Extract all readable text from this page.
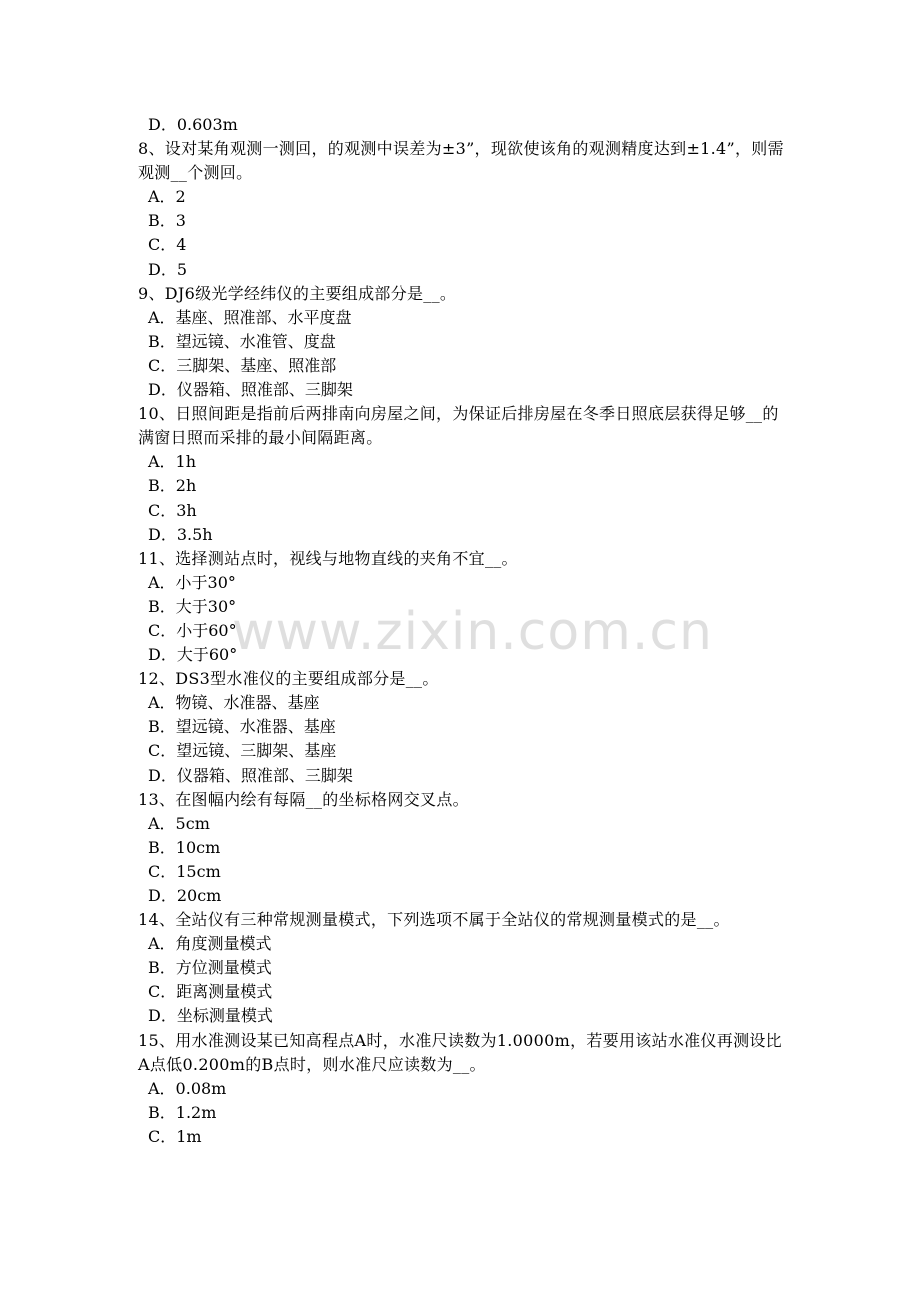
D．0.603m
8、设对某角观测一测回，的观测中误差为±3”，现欲使该角的观测精度达到±1.4”，则需观测__个测回。
A．2
B．3
C．4
D．5
9、DJ6级光学经纬仪的主要组成部分是__。
A．基座、照准部、水平度盘
B．望远镜、水准管、度盘
C．三脚架、基座、照准部
D．仪器箱、照准部、三脚架
10、日照间距是指前后两排南向房屋之间，为保证后排房屋在冬季日照底层获得足够__的满窗日照而采排的最小间隔距离。
A．1h
B．2h
C．3h
D．3.5h
11、选择测站点时，视线与地物直线的夹角不宜__。
A．小于30°
B．大于30°
C．小于60°
D．大于60°
12、DS3型水准仪的主要组成部分是__。
A．物镜、水准器、基座
B．望远镜、水准器、基座
C．望远镜、三脚架、基座
D．仪器箱、照准部、三脚架
13、在图幅内绘有每隔__的坐标格网交叉点。
A．5cm
B．10cm
C．15cm
D．20cm
14、全站仪有三种常规测量模式，下列选项不属于全站仪的常规测量模式的是__。
A．角度测量模式
B．方位测量模式
C．距离测量模式
D．坐标测量模式
15、用水准测设某已知高程点A时，水准尺读数为1.0000m，若要用该站水准仪再测设比A点低0.200m的B点时，则水准尺应读数为__。
A．0.08m
B．1.2m
C．1m
www.zixin.com.cn
